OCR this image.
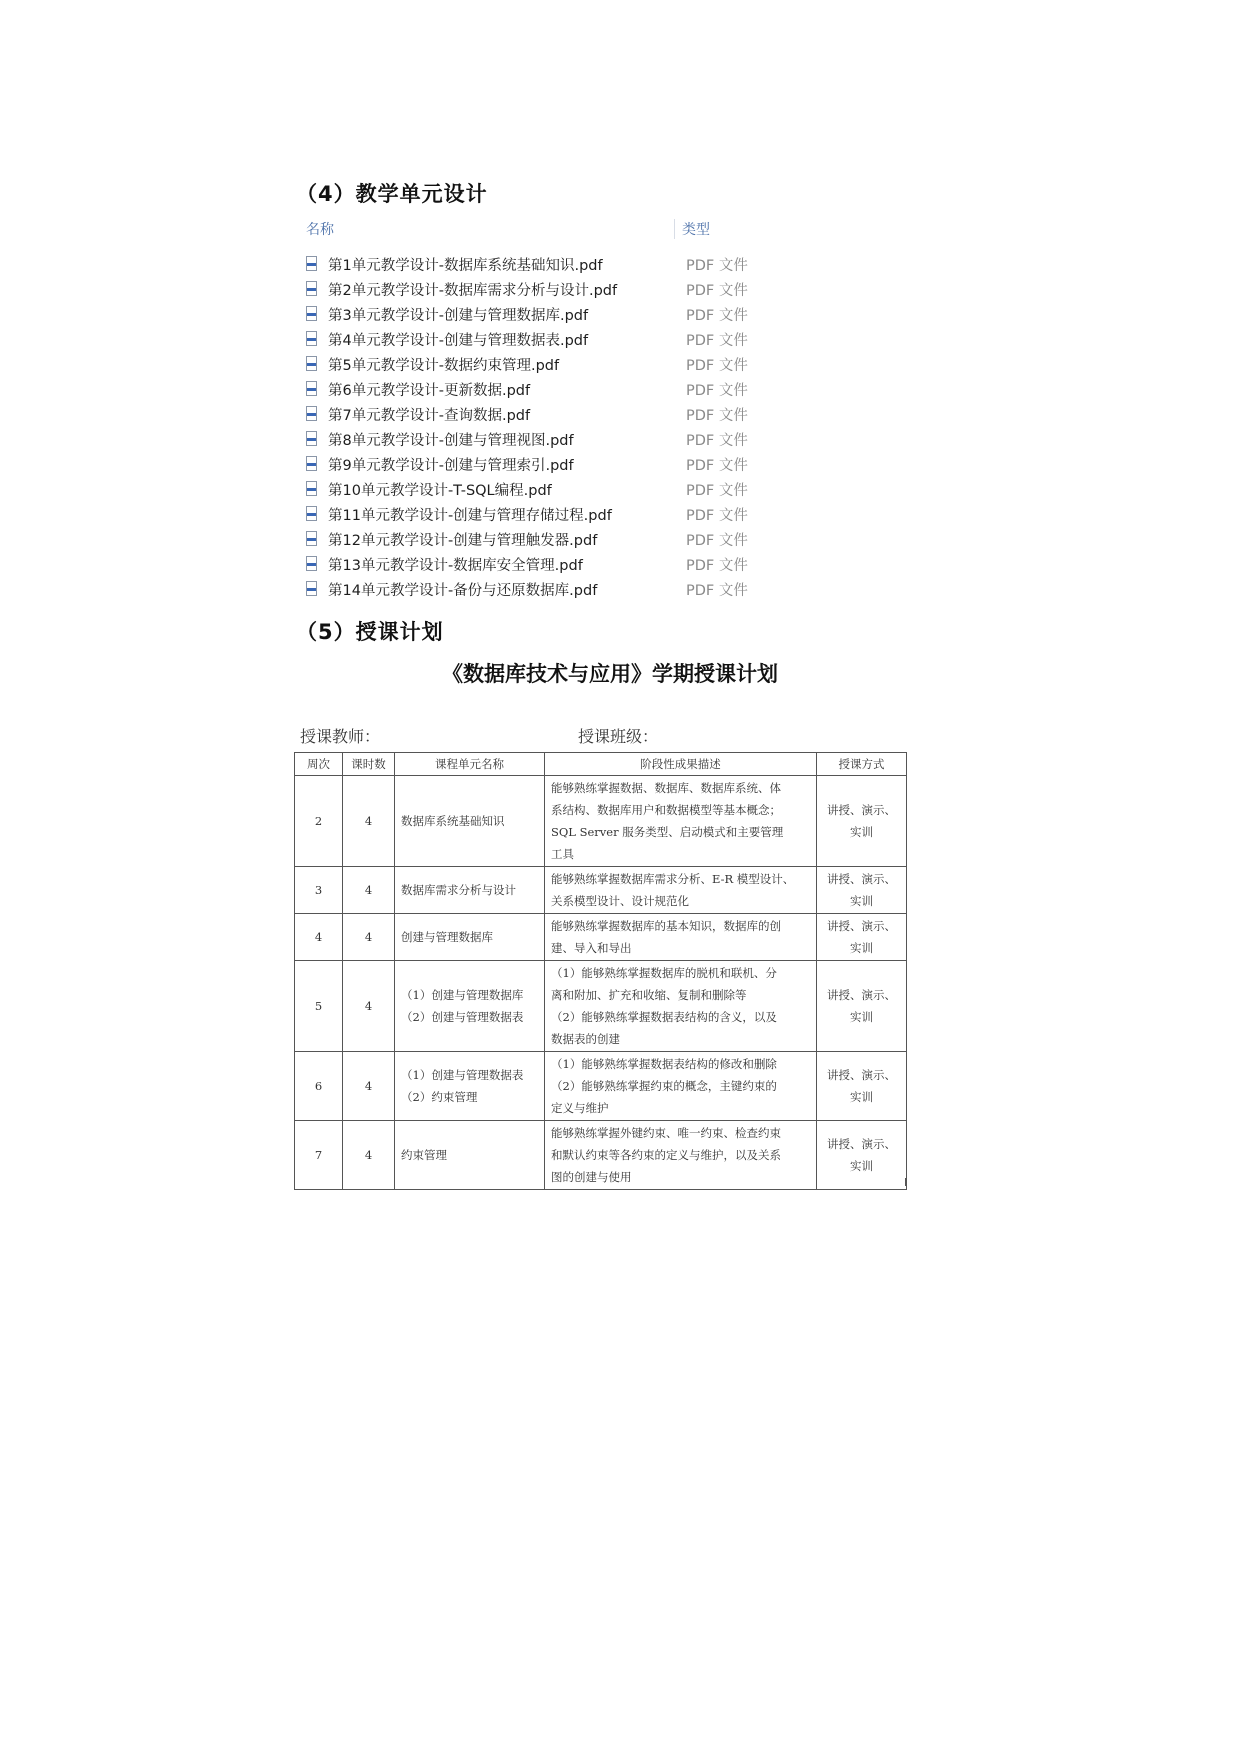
（4）教学单元设计
名称	类型
第1单元教学设计-数据库系统基础知识.pdf	PDF 文件
第2单元教学设计-数据库需求分析与设计.pdf	PDF 文件
第3单元教学设计-创建与管理数据库.pdf	PDF 文件
第4单元教学设计-创建与管理数据表.pdf	PDF 文件
第5单元教学设计-数据约束管理.pdf	PDF 文件
第6单元教学设计-更新数据.pdf	PDF 文件
第7单元教学设计-查询数据.pdf	PDF 文件
第8单元教学设计-创建与管理视图.pdf	PDF 文件
第9单元教学设计-创建与管理索引.pdf	PDF 文件
第10单元教学设计-T-SQL编程.pdf	PDF 文件
第11单元教学设计-创建与管理存储过程.pdf	PDF 文件
第12单元教学设计-创建与管理触发器.pdf	PDF 文件
第13单元教学设计-数据库安全管理.pdf	PDF 文件
第14单元教学设计-备份与还原数据库.pdf	PDF 文件
（5）授课计划
《数据库技术与应用》学期授课计划
授课教师：	授课班级：
周次	课时数	课程单元名称	阶段性成果描述	授课方式
2	4	数据库系统基础知识	能够熟练掌握数据、数据库、数据库系统、体
系结构、数据库用户和数据模型等基本概念；
SQL Server 服务类型、启动模式和主要管理
工具	讲授、演示、
实训

3	4	数据库需求分析与设计	能够熟练掌握数据库需求分析、E-R 模型设计、
关系模型设计、设计规范化	讲授、演示、
实训

4	4	创建与管理数据库	能够熟练掌握数据库的基本知识，数据库的创
建、导入和导出	讲授、演示、
实训

5	4	（1）创建与管理数据库
（2）创建与管理数据表	（1）能够熟练掌握数据库的脱机和联机、分
离和附加、扩充和收缩、复制和删除等
（2）能够熟练掌握数据表结构的含义，以及
数据表的创建	讲授、演示、
实训

6	4	（1）创建与管理数据表
（2）约束管理	（1）能够熟练掌握数据表结构的修改和删除
（2）能够熟练掌握约束的概念，主键约束的
定义与维护	讲授、演示、
实训

7	4	约束管理	能够熟练掌握外键约束、唯一约束、检查约束
和默认约束等各约束的定义与维护，以及关系
图的创建与使用	讲授、演示、
实训
